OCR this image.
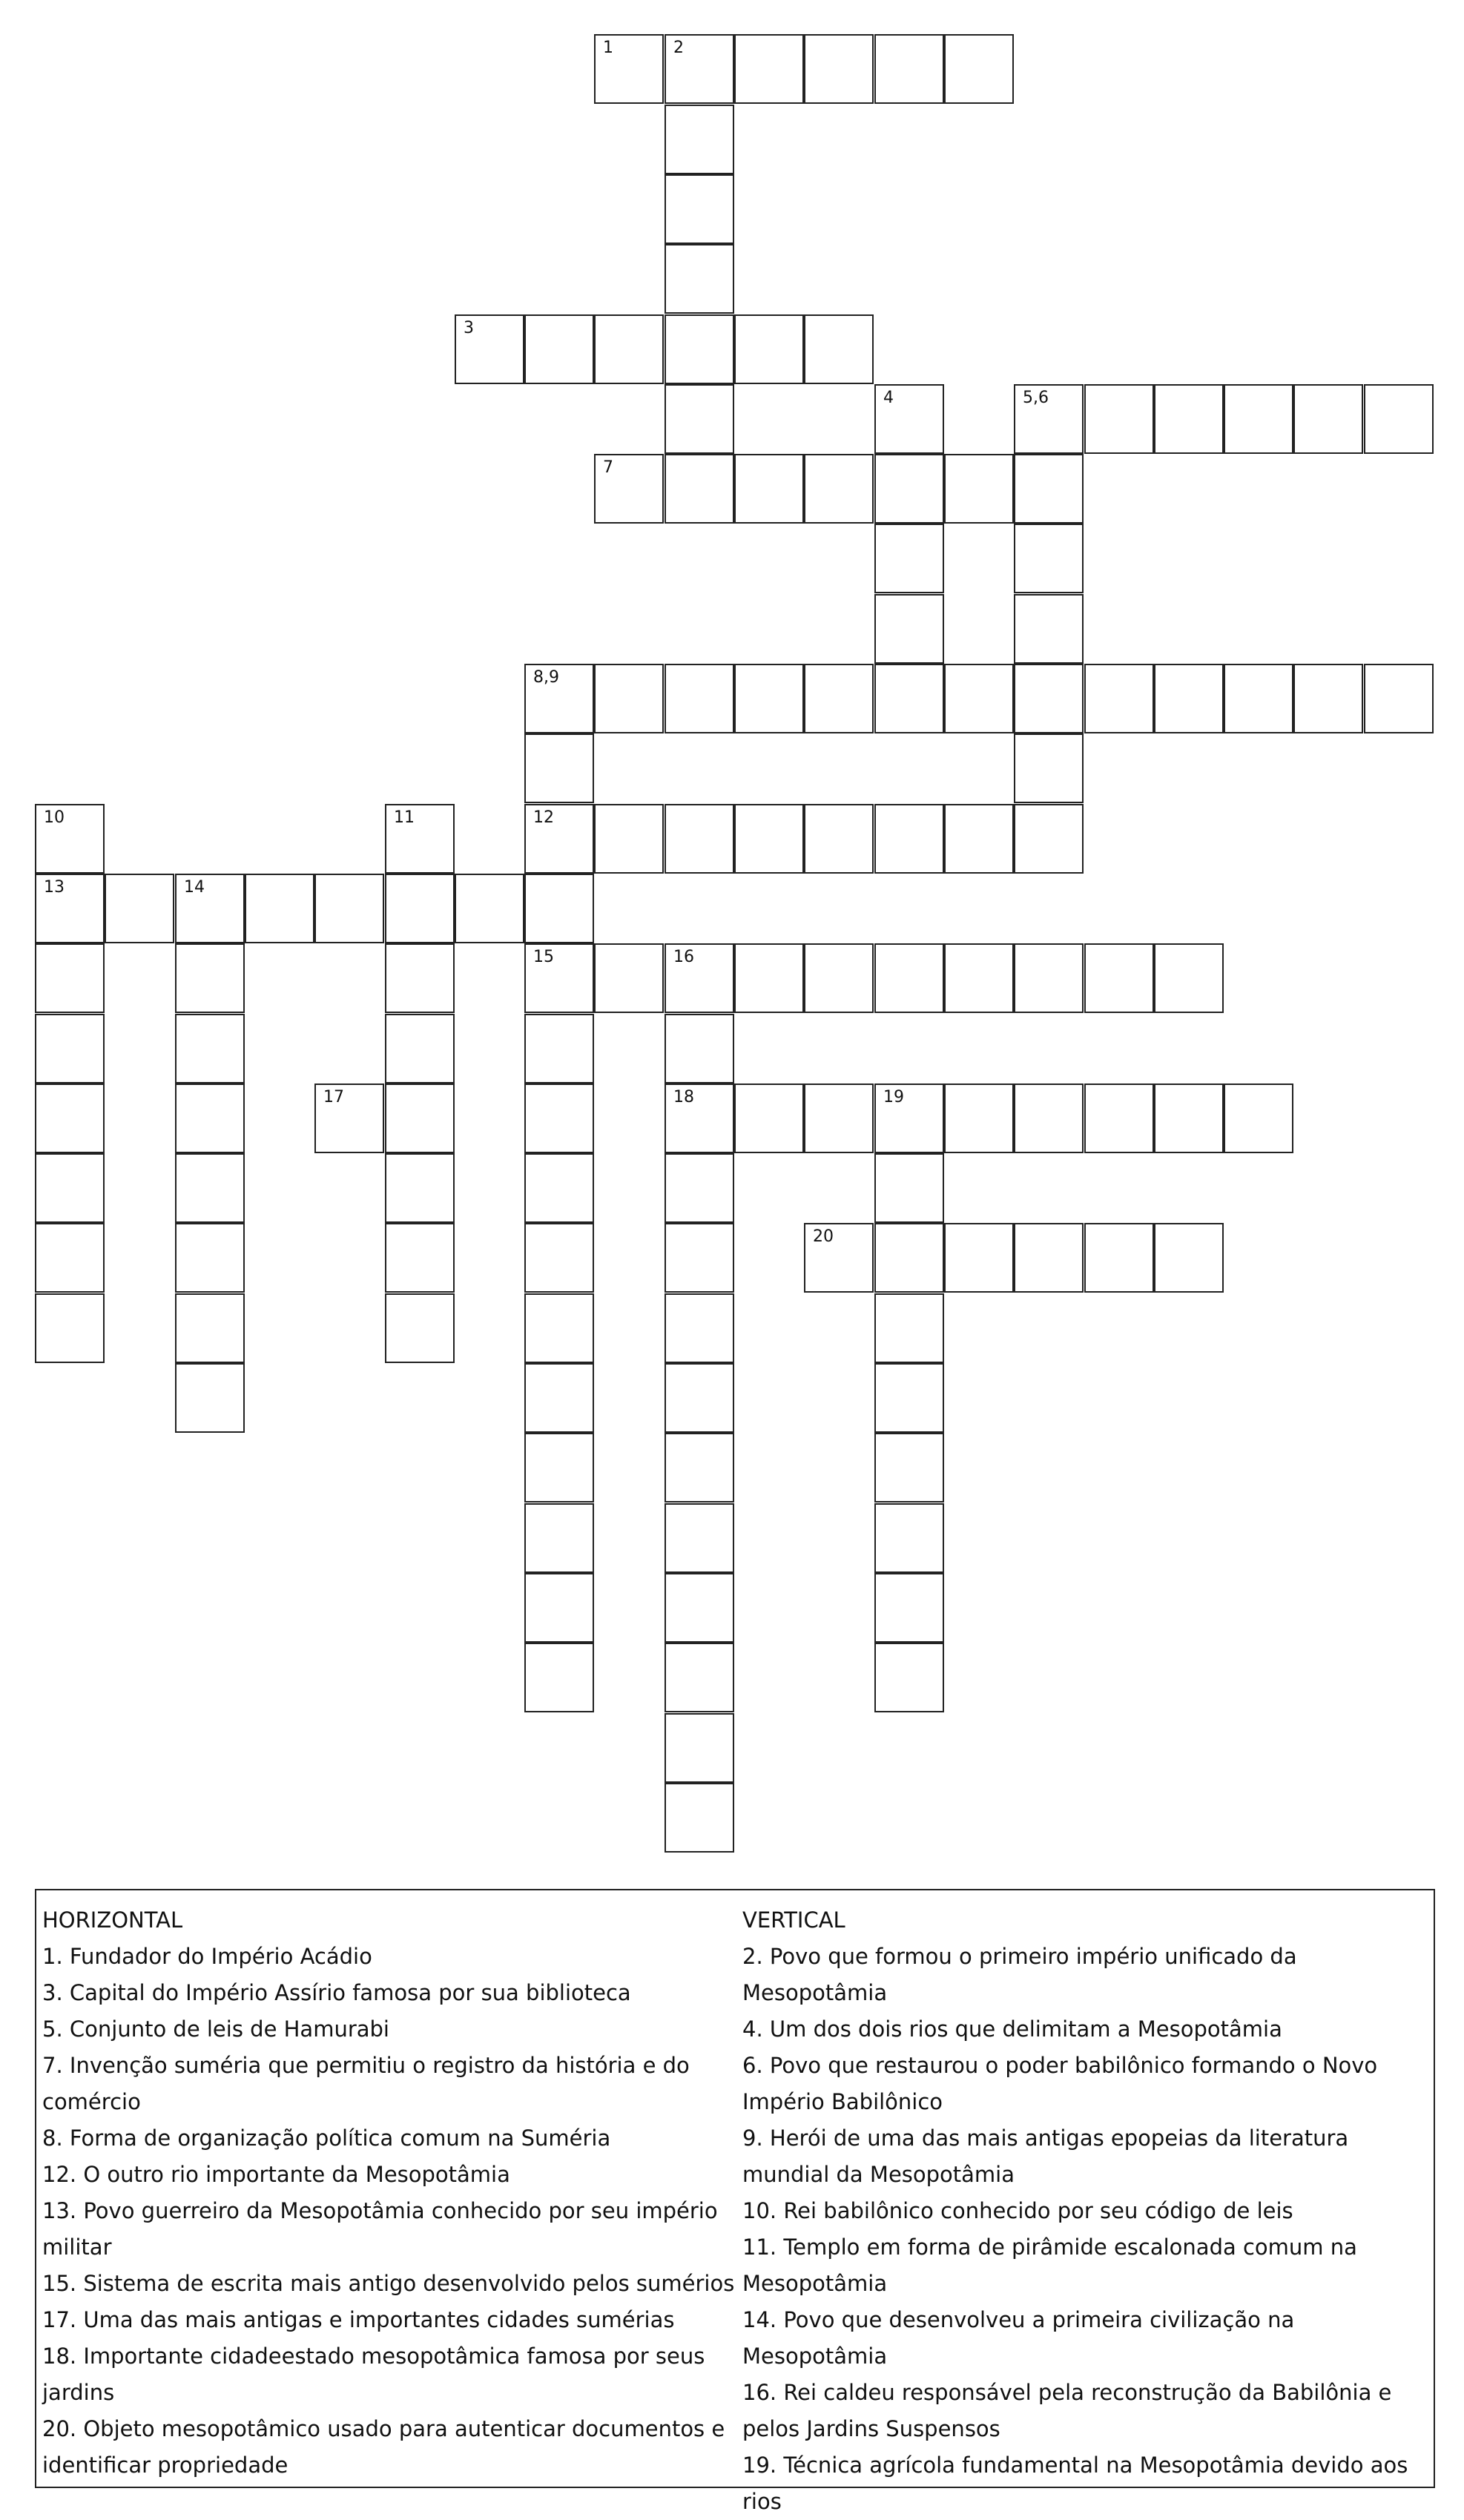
1	2
3
4	5,6
7
8,9
10	11	12
13	14
15	16
17	18	19
20

HORIZONTAL

1. Fundador do Império Acádio

3. Capital do Império Assírio famosa por sua biblioteca

5. Conjunto de leis de Hamurabi

7. Invenção suméria que permitiu o registro da história e do comércio

8. Forma de organização política comum na Suméria

12. O outro rio importante da Mesopotâmia

13. Povo guerreiro da Mesopotâmia conhecido por seu império militar

15. Sistema de escrita mais antigo desenvolvido pelos sumérios

17. Uma das mais antigas e importantes cidades sumérias

18. Importante cidadeestado mesopotâmica famosa por seus jardins

20. Objeto mesopotâmico usado para autenticar documentos e identificar propriedade

VERTICAL

2. Povo que formou o primeiro império unificado da Mesopotâmia

4. Um dos dois rios que delimitam a Mesopotâmia

6. Povo que restaurou o poder babilônico formando o Novo Império Babilônico

9. Herói de uma das mais antigas epopeias da literatura mundial da Mesopotâmia

10. Rei babilônico conhecido por seu código de leis

11. Templo em forma de pirâmide escalonada comum na Mesopotâmia

14. Povo que desenvolveu a primeira civilização na Mesopotâmia

16. Rei caldeu responsável pela reconstrução da Babilônia e pelos Jardins Suspensos

19. Técnica agrícola fundamental na Mesopotâmia devido aos rios
